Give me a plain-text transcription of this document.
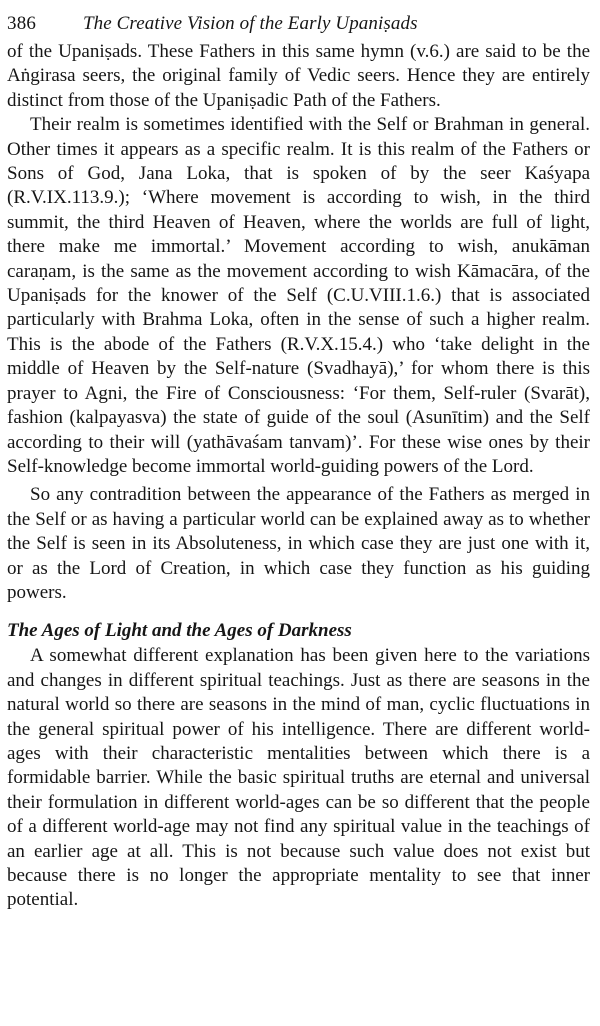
386	The Creative Vision of the Early Upaniṣads

of the Upaniṣads. These Fathers in this same hymn (v.6.) are said to be the Aṅgirasa seers, the original family of Vedic seers. Hence they are entirely distinct from those of the Upaniṣadic Path of the Fathers.

Their realm is sometimes identified with the Self or Brahman in general. Other times it appears as a specific realm. It is this realm of the Fathers or Sons of God, Jana Loka, that is spoken of by the seer Kaśyapa (R.V.IX.113.9.); ‘Where movement is according to wish, in the third summit, the third Heaven of Heaven, where the worlds are full of light, there make me immortal.’ Movement according to wish, anukāman caraṇam, is the same as the movement according to wish Kāmacāra, of the Upaniṣads for the knower of the Self (C.U.VIII.1.6.) that is associated particularly with Brahma Loka, often in the sense of such a higher realm. This is the abode of the Fathers (R.V.X.15.4.) who ‘take delight in the middle of Heaven by the Self-nature (Svadhayā),’ for whom there is this prayer to Agni, the Fire of Consciousness: ‘For them, Self-ruler (Svarāt), fashion (kalpayasva) the state of guide of the soul (Asunītim) and the Self according to their will (yathāvaśam tanvam)’. For these wise ones by their Self-knowledge become immortal world-guiding powers of the Lord.

So any contradition between the appearance of the Fathers as merged in the Self or as having a particular world can be explained away as to whether the Self is seen in its Absoluteness, in which case they are just one with it, or as the Lord of Creation, in which case they function as his guiding powers.

The Ages of Light and the Ages of Darkness

A somewhat different explanation has been given here to the variations and changes in different spiritual teachings. Just as there are seasons in the natural world so there are seasons in the mind of man, cyclic fluctuations in the general spiritual power of his intelligence. There are different world-ages with their characteristic mentalities between which there is a formidable barrier. While the basic spiritual truths are eternal and universal their formulation in different world-ages can be so different that the people of a different world-age may not find any spiritual value in the teachings of an earlier age at all. This is not because such value does not exist but because there is no longer the appropriate mentality to see that inner potential.
